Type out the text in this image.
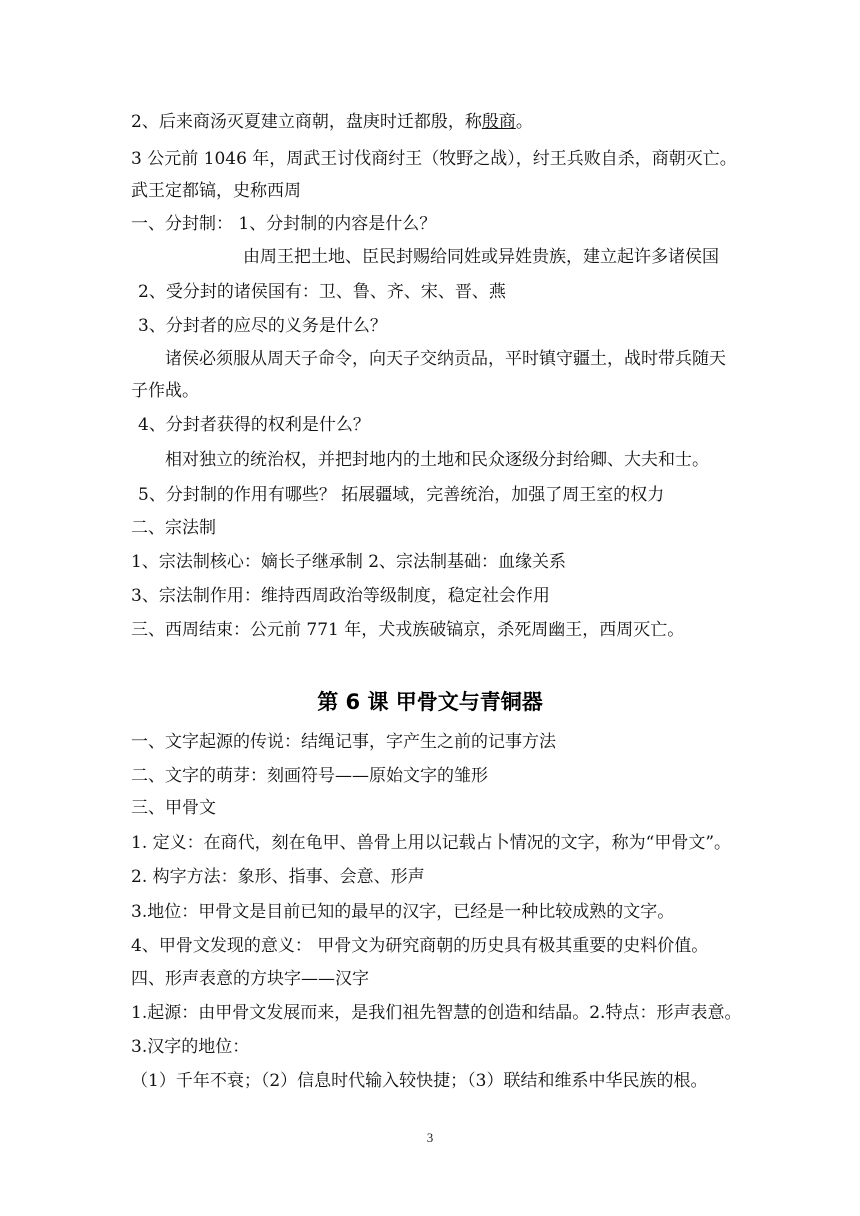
2、后来商汤灭夏建立商朝，盘庚时迁都殷，称殷商。
3 公元前 1046 年，周武王讨伐商纣王（牧野之战），纣王兵败自杀，商朝灭亡。
武王定都镐，史称西周
一、分封制： 1、分封制的内容是什么？
由周王把土地、臣民封赐给同姓或异姓贵族，建立起许多诸侯国
2、受分封的诸侯国有：卫、鲁、齐、宋、晋、燕
3、分封者的应尽的义务是什么？
诸侯必须服从周天子命令，向天子交纳贡品，平时镇守疆土，战时带兵随天
子作战。
4、分封者获得的权利是什么？
相对独立的统治权，并把封地内的土地和民众逐级分封给卿、大夫和士。
5、分封制的作用有哪些？ 拓展疆域，完善统治，加强了周王室的权力
二、宗法制
1、宗法制核心：嫡长子继承制 2、宗法制基础：血缘关系
3、宗法制作用：维持西周政治等级制度，稳定社会作用
三、西周结束：公元前 771 年，犬戎族破镐京，杀死周幽王，西周灭亡。
第 6 课 甲骨文与青铜器
一、文字起源的传说：结绳记事，字产生之前的记事方法
二、文字的萌芽：刻画符号——原始文字的雏形
三、甲骨文
1. 定义：在商代，刻在龟甲、兽骨上用以记载占卜情况的文字，称为“甲骨文”。
2. 构字方法：象形、指事、会意、形声
3.地位：甲骨文是目前已知的最早的汉字，已经是一种比较成熟的文字。
4、甲骨文发现的意义： 甲骨文为研究商朝的历史具有极其重要的史料价值。
四、形声表意的方块字——汉字
1.起源：由甲骨文发展而来，是我们祖先智慧的创造和结晶。2.特点：形声表意。
3.汉字的地位：
（1）千年不衰；（2）信息时代输入较快捷；（3）联结和维系中华民族的根。
3
